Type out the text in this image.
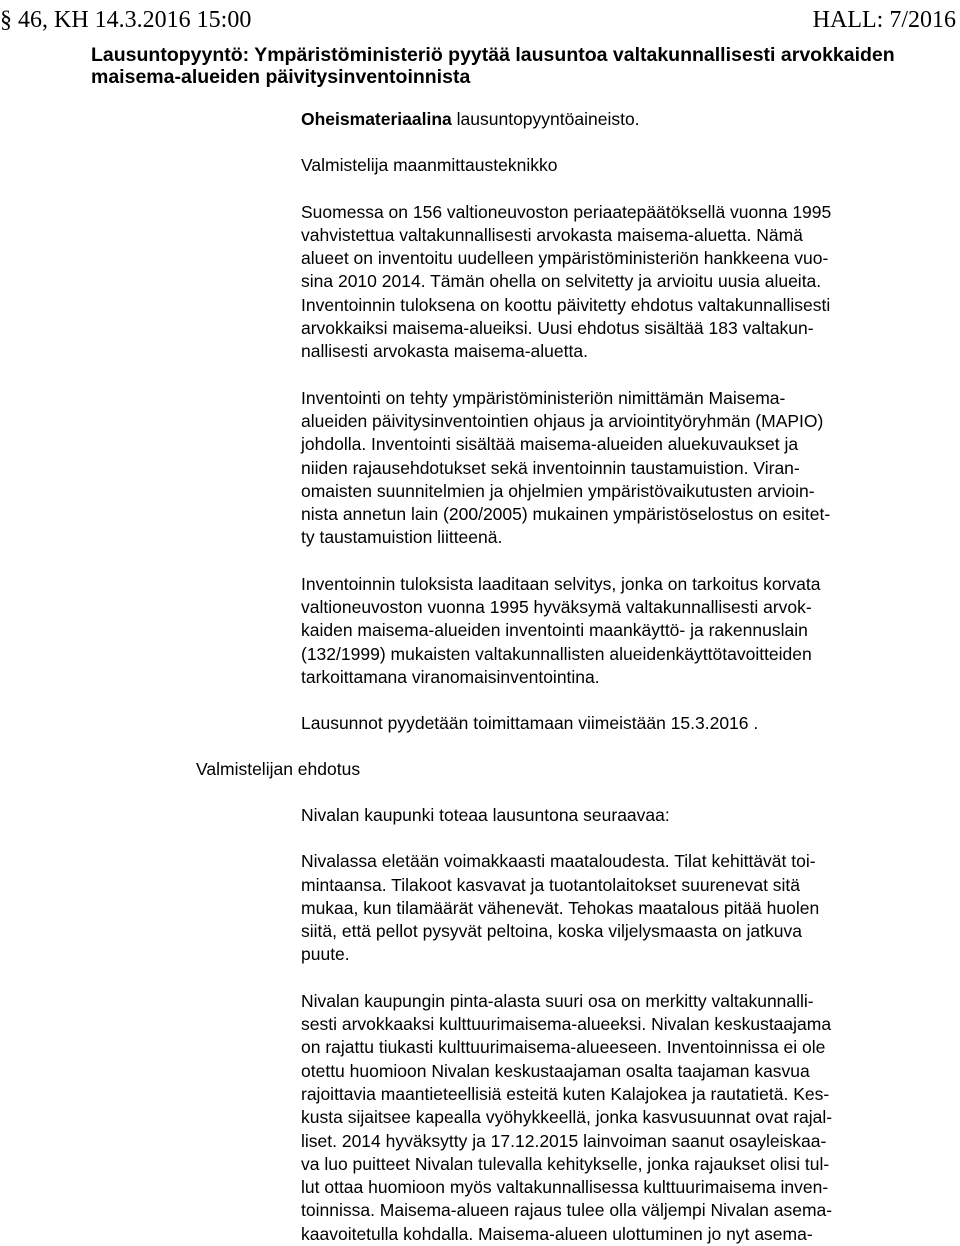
§ 46, KH 14.3.2016 15:00	HALL: 7/2016
Lausuntopyyntö: Ympäristöministeriö pyytää lausuntoa valtakunnallisesti arvokkaiden
maisema-alueiden päivitysinventoinnista

Oheismateriaalina lausuntopyyntöaineisto.

Valmistelija maanmittausteknikko

Suomessa on 156 valtioneuvoston periaatepäätöksellä vuonna 1995
vahvistettua valtakunnallisesti arvokasta maisema-aluetta. Nämä
alueet on inventoitu uudelleen ympäristöministeriön hankkeena vuo-
sina 2010 2014. Tämän ohella on selvitetty ja arvioitu uusia alueita.
Inventoinnin tuloksena on koottu päivitetty ehdotus valtakunnallisesti
arvokkaiksi maisema-alueiksi. Uusi ehdotus sisältää 183 valtakun-
nallisesti arvokasta maisema-aluetta.

Inventointi on tehty ympäristöministeriön nimittämän Maisema-
alueiden päivitysinventointien ohjaus ja arviointityöryhmän (MAPIO)
johdolla. Inventointi sisältää maisema-alueiden aluekuvaukset ja
niiden rajausehdotukset sekä inventoinnin taustamuistion. Viran-
omaisten suunnitelmien ja ohjelmien ympäristövaikutusten arvioin-
nista annetun lain (200/2005) mukainen ympäristöselostus on esitet-
ty taustamuistion liitteenä.

Inventoinnin tuloksista laaditaan selvitys, jonka on tarkoitus korvata
valtioneuvoston vuonna 1995 hyväksymä valtakunnallisesti arvok-
kaiden maisema-alueiden inventointi maankäyttö- ja rakennuslain
(132/1999) mukaisten valtakunnallisten alueidenkäyttötavoitteiden
tarkoittamana viranomaisinventointina.

Lausunnot pyydetään toimittamaan viimeistään 15.3.2016 .

Valmistelijan ehdotus

Nivalan kaupunki toteaa lausuntona seuraavaa:

Nivalassa eletään voimakkaasti maataloudesta. Tilat kehittävät toi-
mintaansa. Tilakoot kasvavat ja tuotantolaitokset suurenevat sitä
mukaa, kun tilamäärät vähenevät. Tehokas maatalous pitää huolen
siitä, että pellot pysyvät peltoina, koska viljelysmaasta on jatkuva
puute.

Nivalan kaupungin pinta-alasta suuri osa on merkitty valtakunnalli-
sesti arvokkaaksi kulttuurimaisema-alueeksi. Nivalan keskustaajama
on rajattu tiukasti kulttuurimaisema-alueeseen. Inventoinnissa ei ole
otettu huomioon Nivalan keskustaajaman osalta taajaman kasvua
rajoittavia maantieteellisiä esteitä kuten Kalajokea ja rautatietä. Kes-
kusta sijaitsee kapealla vyöhykkeellä, jonka kasvusuunnat ovat rajal-
liset. 2014 hyväksytty ja 17.12.2015 lainvoiman saanut osayleiskaa-
va luo puitteet Nivalan tulevalla kehitykselle, jonka rajaukset olisi tul-
lut ottaa huomioon myös valtakunnallisessa kulttuurimaisema inven-
toinnissa. Maisema-alueen rajaus tulee olla väljempi Nivalan asema-
kaavoitetulla kohdalla. Maisema-alueen ulottuminen jo nyt asema-
